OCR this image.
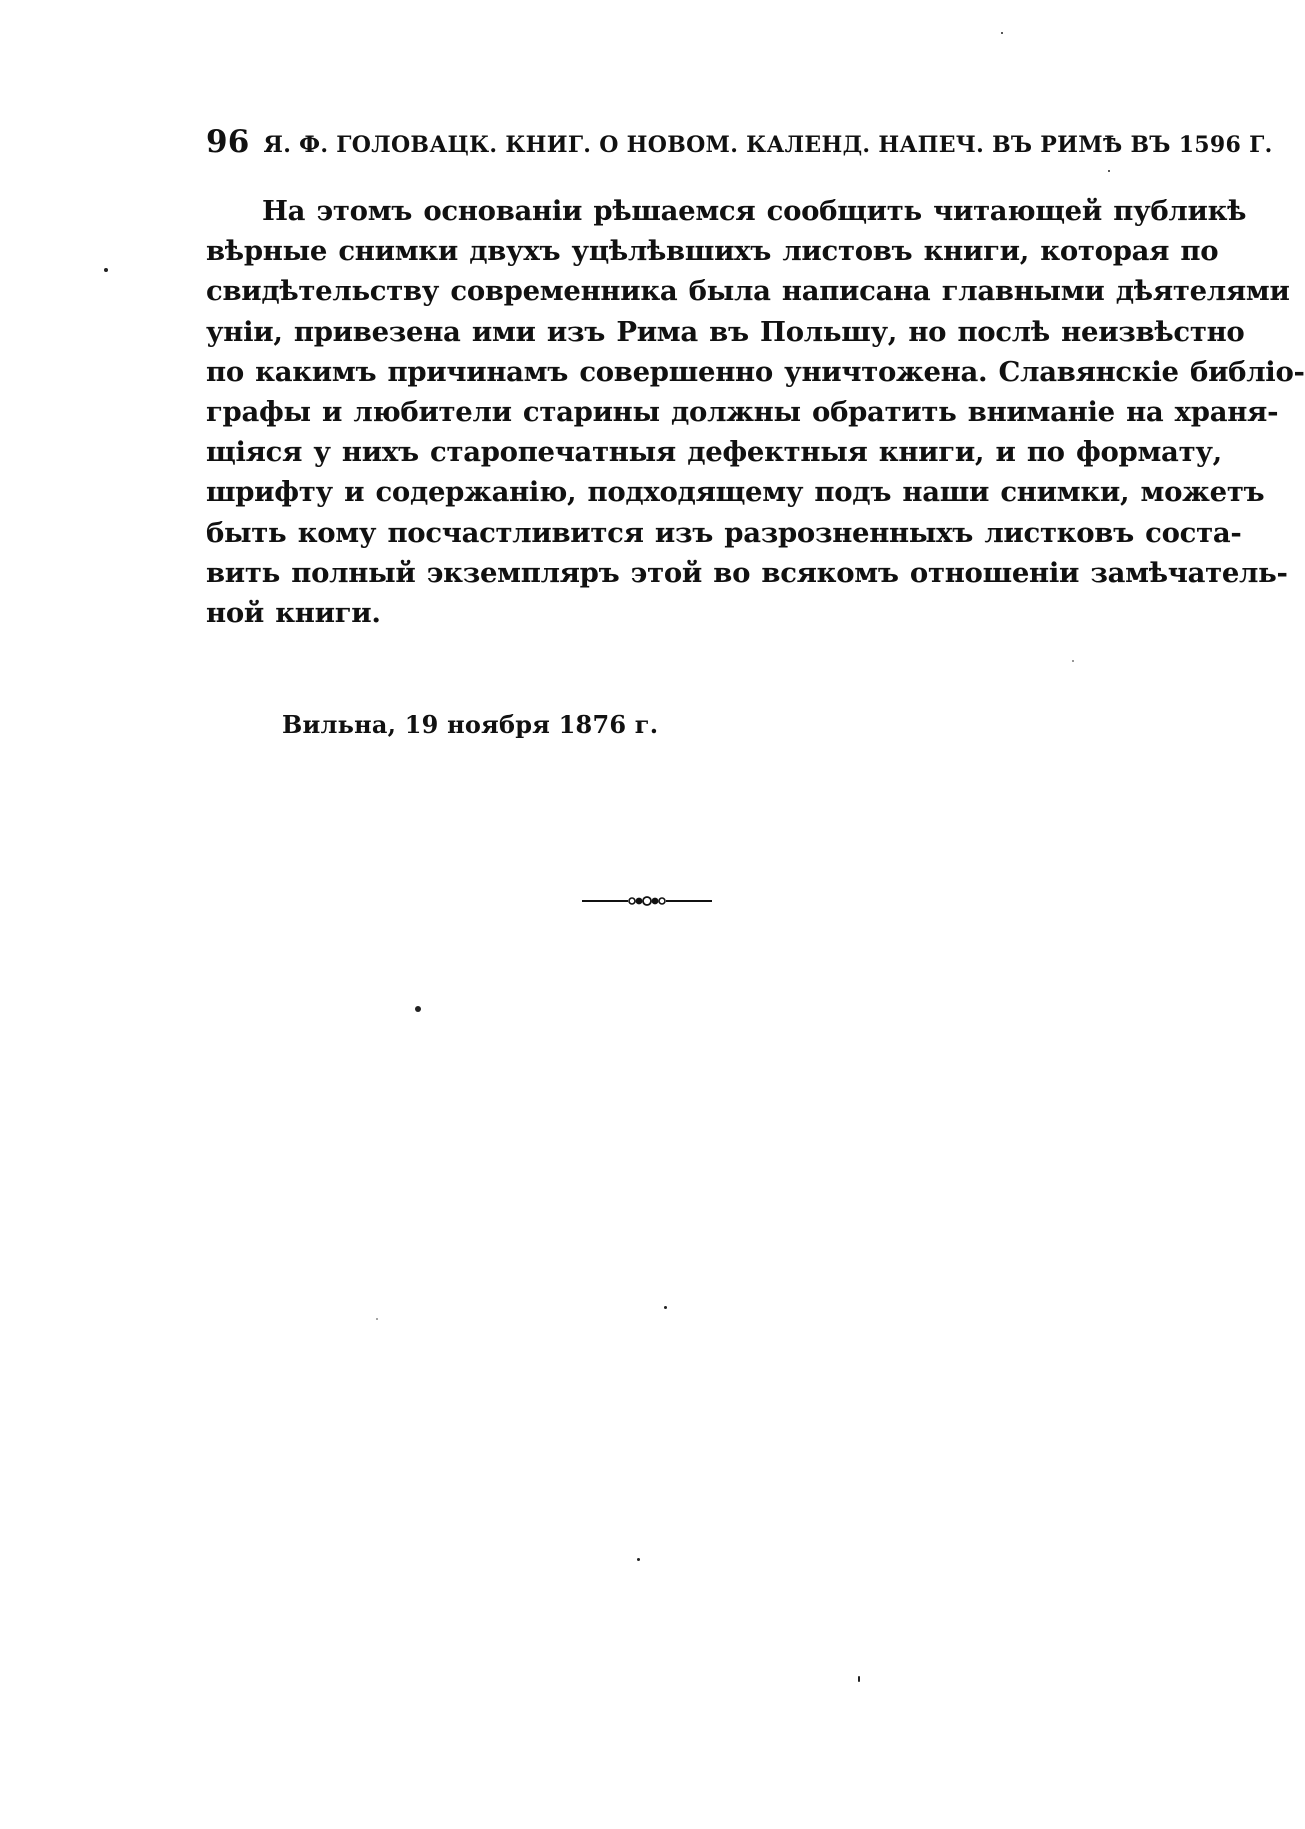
96 Я. Ф. ГОЛОВАЦК. КНИГ. О НОВОМ. КАЛЕНД. НАПЕЧ. ВЪ РИМѢ ВЪ 1596 Г.
На этомъ основаніи рѣшаемся сообщить читающей публикѣ
вѣрные снимки двухъ уцѣлѣвшихъ листовъ книги, которая по
свидѣтельству современника была написана главными дѣятелями
уніи, привезена ими изъ Рима въ Польшу, но послѣ неизвѣстно
по какимъ причинамъ совершенно уничтожена. Славянскіе библіо-
графы и любители старины должны обратить вниманіе на храня-
щіяся у нихъ старопечатныя дефектныя книги, и по формату,
шрифту и содержанію, подходящему подъ наши снимки, можетъ
быть кому посчастливится изъ разрозненныхъ листковъ соста-
вить полный экземпляръ этой во всякомъ отношеніи замѣчатель-
ной книги.
Вильна, 19 ноября 1876 г.
